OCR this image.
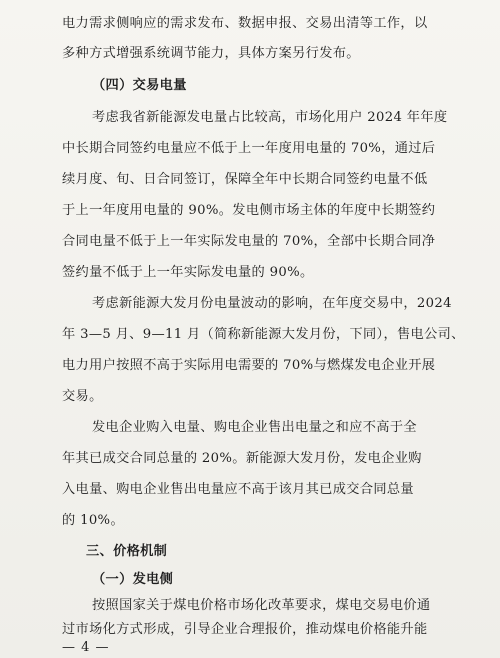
电力需求侧响应的需求发布、数据申报、交易出清等工作，以
多种方式增强系统调节能力，具体方案另行发布。
（四）交易电量
考虑我省新能源发电量占比较高，市场化用户 2024 年年度
中长期合同签约电量应不低于上一年度用电量的 70%，通过后
续月度、旬、日合同签订，保障全年中长期合同签约电量不低
于上一年度用电量的 90%。发电侧市场主体的年度中长期签约
合同电量不低于上一年实际发电量的 70%，全部中长期合同净
签约量不低于上一年实际发电量的 90%。
考虑新能源大发月份电量波动的影响，在年度交易中，2024
年 3—5 月、9—11 月（简称新能源大发月份，下同），售电公司、
电力用户按照不高于实际用电需要的 70%与燃煤发电企业开展
交易。
发电企业购入电量、购电企业售出电量之和应不高于全
年其已成交合同总量的 20%。新能源大发月份，发电企业购
入电量、购电企业售出电量应不高于该月其已成交合同总量
的 10%。
三、价格机制
（一）发电侧
按照国家关于煤电价格市场化改革要求，煤电交易电价通
过市场化方式形成，引导企业合理报价，推动煤电价格能升能
— 4 —
